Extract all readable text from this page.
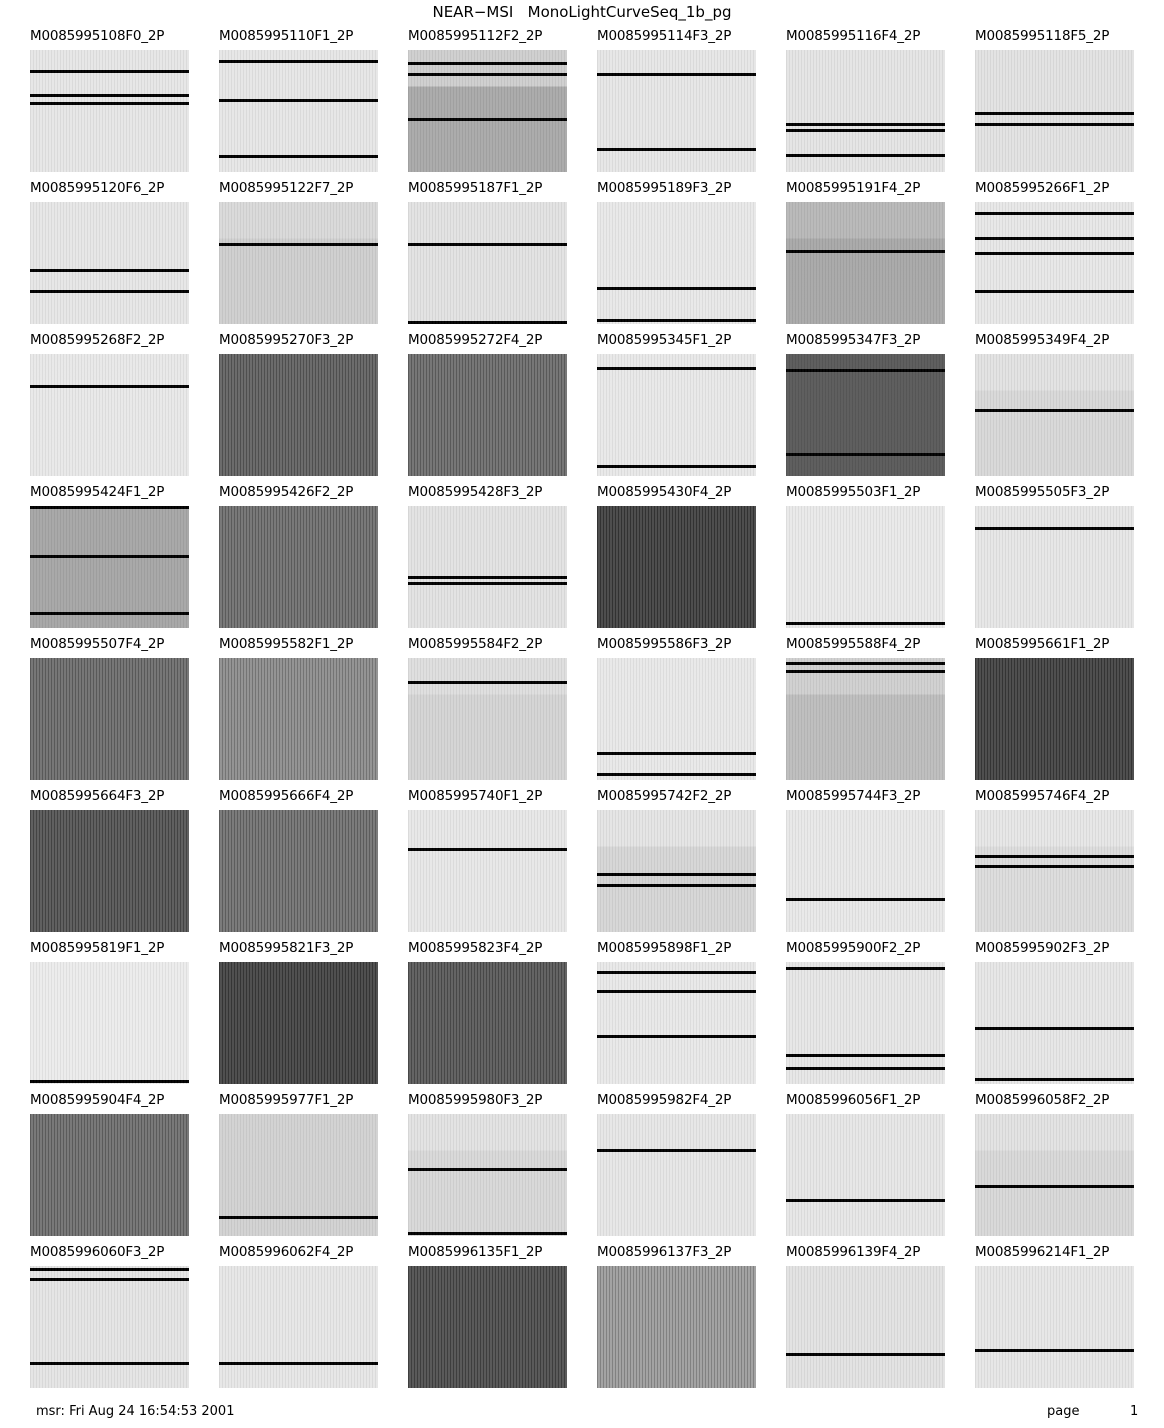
NEAR−MSI   MonoLightCurveSeq_1b_pg
M0085995108F0_2P	M0085995110F1_2P	M0085995112F2_2P	M0085995114F3_2P	M0085995116F4_2P	M0085995118F5_2P
M0085995120F6_2P	M0085995122F7_2P	M0085995187F1_2P	M0085995189F3_2P	M0085995191F4_2P	M0085995266F1_2P
M0085995268F2_2P	M0085995270F3_2P	M0085995272F4_2P	M0085995345F1_2P	M0085995347F3_2P	M0085995349F4_2P
M0085995424F1_2P	M0085995426F2_2P	M0085995428F3_2P	M0085995430F4_2P	M0085995503F1_2P	M0085995505F3_2P
M0085995507F4_2P	M0085995582F1_2P	M0085995584F2_2P	M0085995586F3_2P	M0085995588F4_2P	M0085995661F1_2P
M0085995664F3_2P	M0085995666F4_2P	M0085995740F1_2P	M0085995742F2_2P	M0085995744F3_2P	M0085995746F4_2P
M0085995819F1_2P	M0085995821F3_2P	M0085995823F4_2P	M0085995898F1_2P	M0085995900F2_2P	M0085995902F3_2P
M0085995904F4_2P	M0085995977F1_2P	M0085995980F3_2P	M0085995982F4_2P	M0085996056F1_2P	M0085996058F2_2P
M0085996060F3_2P	M0085996062F4_2P	M0085996135F1_2P	M0085996137F3_2P	M0085996139F4_2P	M0085996214F1_2P
msr: Fri Aug 24 16:54:53 2001	page	1
